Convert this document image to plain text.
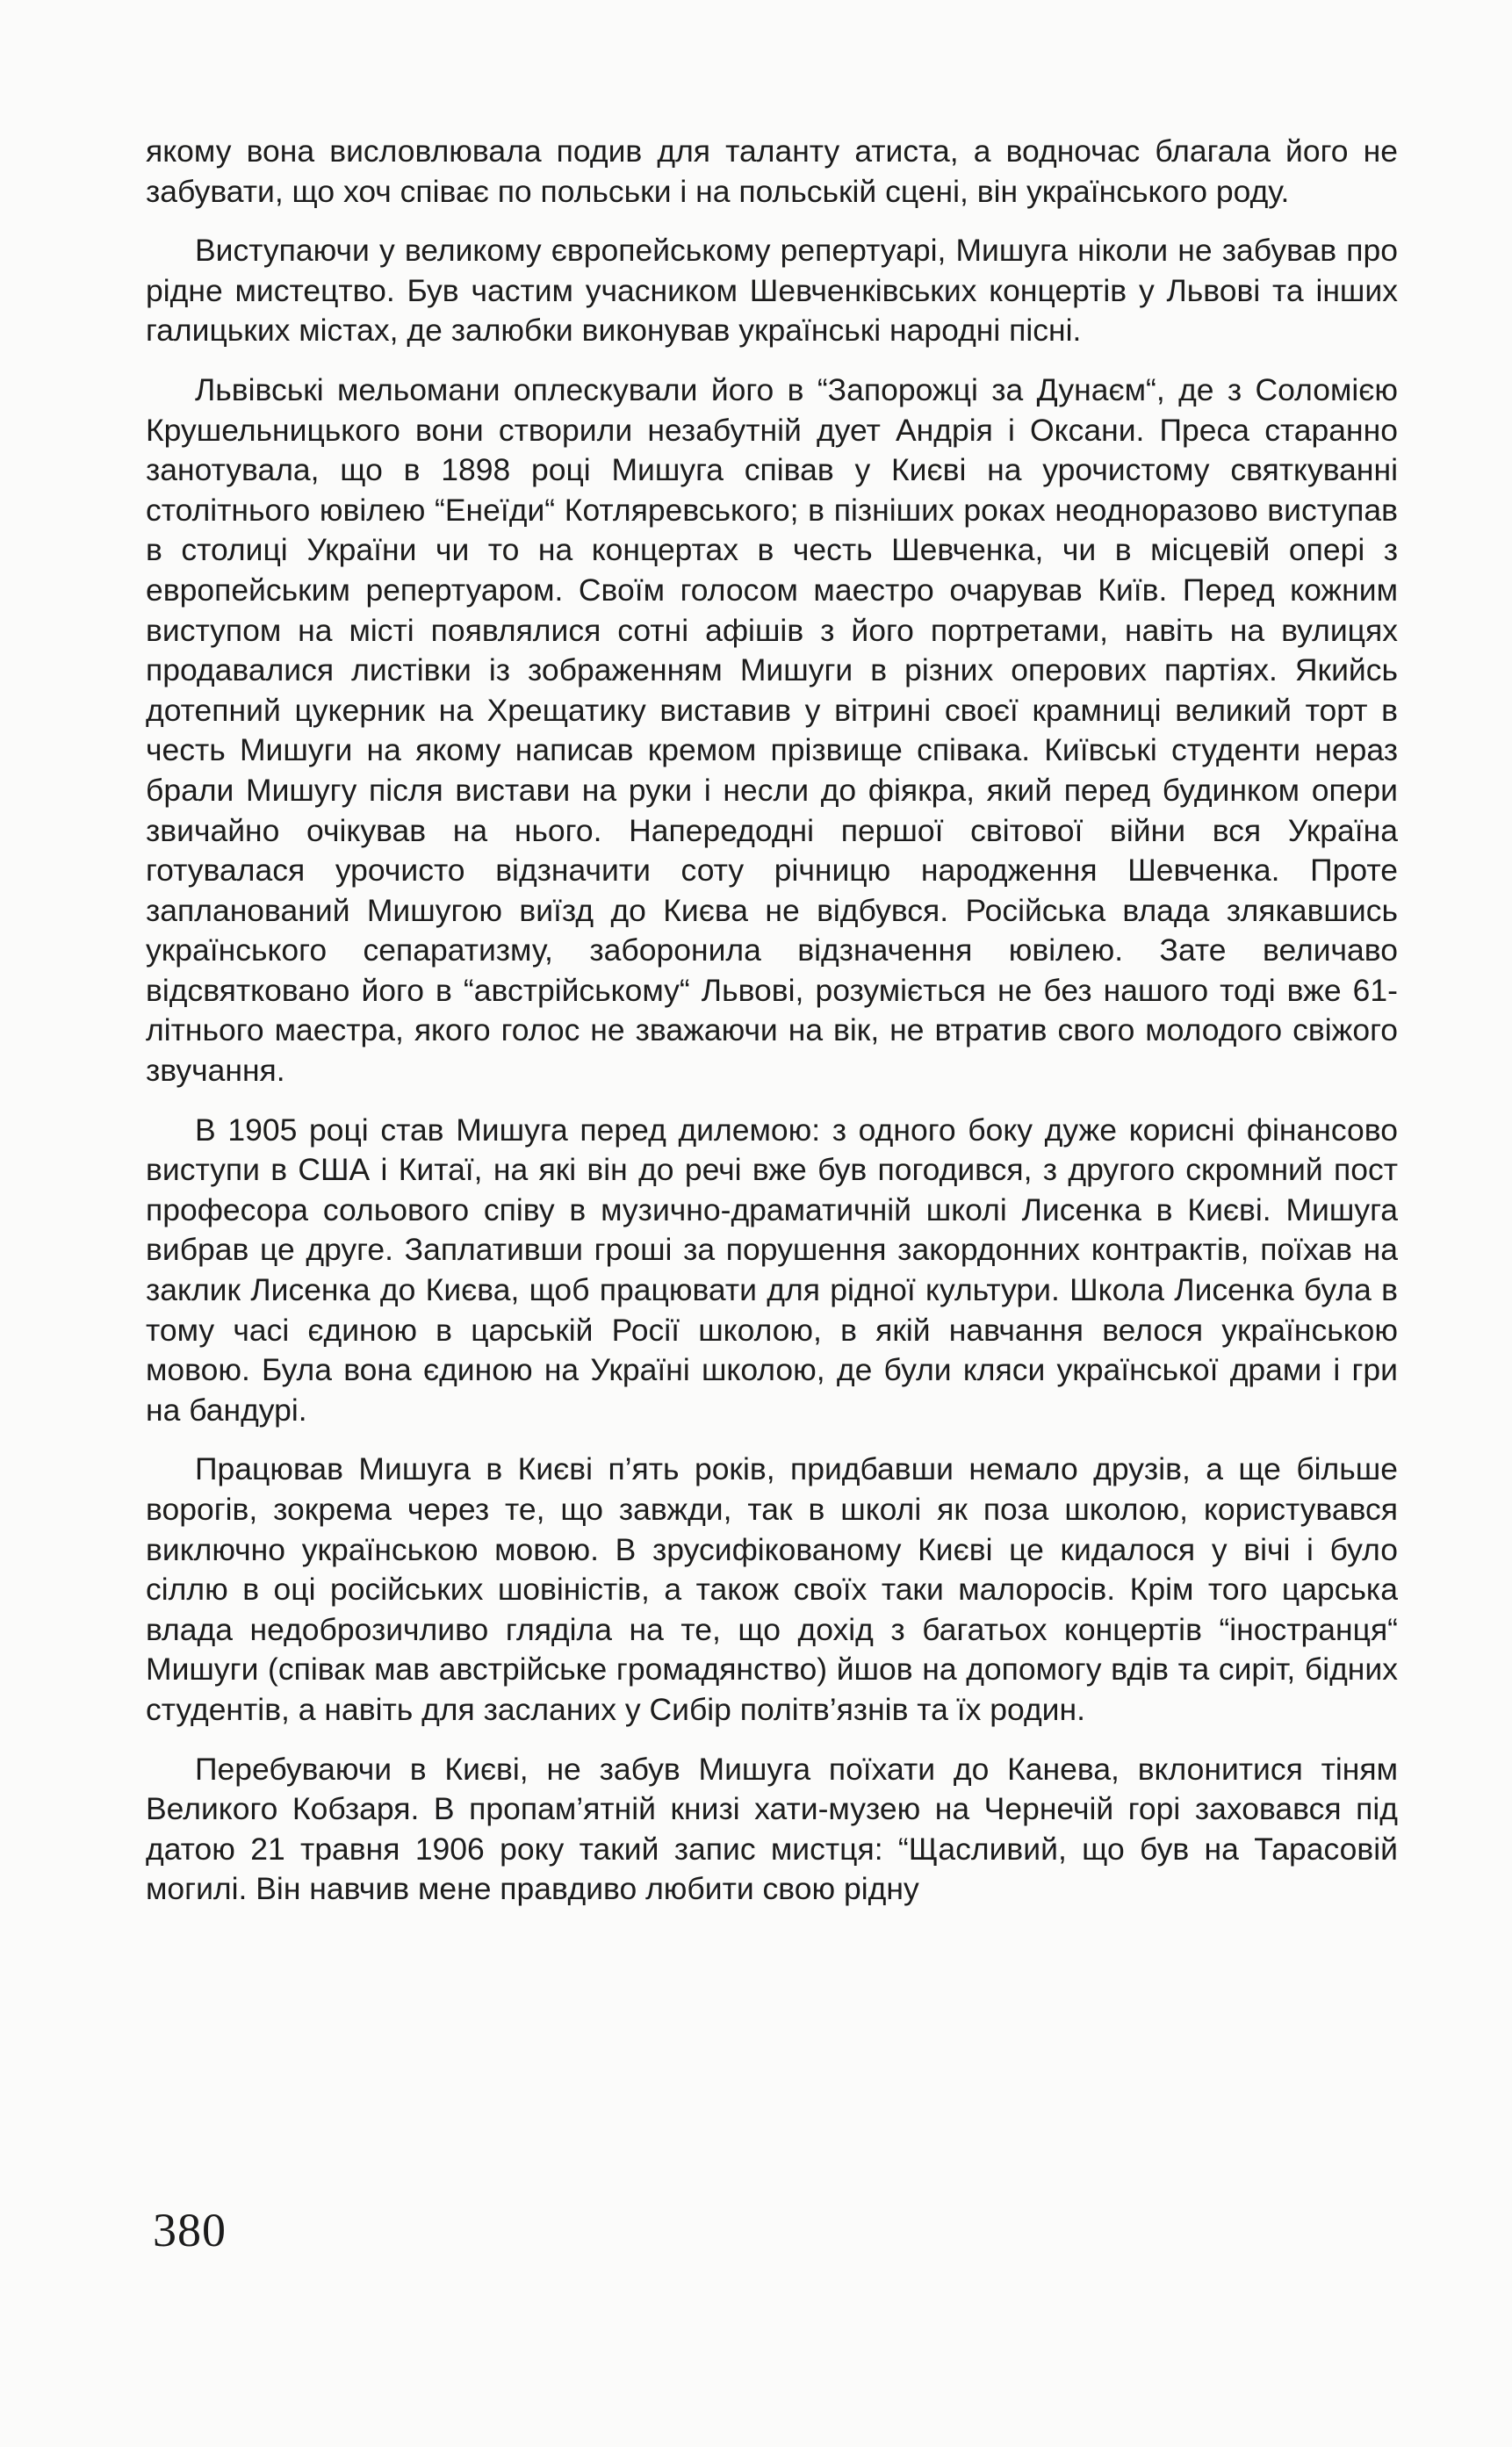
якому вона висловлювала подив для таланту атиста, а водночас благала його не забувати, що хоч співає по польськи і на польській сцені, він українського роду.

Виступаючи у великому європейському репертуарі, Мишуга ніколи не забував про рідне мистецтво. Був частим учасником Шевченківських концертів у Львові та інших галицьких містах, де залюбки виконував українські народні пісні.

Львівські мельомани оплескували його в “Запорожці за Дунаєм“, де з Соломією Крушельницького вони створили незабутній дует Андрія і Оксани. Преса старанно занотувала, що в 1898 році Мишуга співав у Києві на урочистому святкуванні столітнього ювілею “Енеїди“ Котляревського; в пізніших роках неодноразово виступав в столиці України чи то на концертах в честь Шевченка, чи в місцевій опері з европейським репертуаром. Своїм голосом маестро очарував Київ. Перед кожним виступом на місті появлялися сотні афішів з його портретами, навіть на вулицях продавалися листівки із зображенням Мишуги в різних оперових партіях. Якийсь дотепний цукерник на Хрещатику виставив у вітрині своєї крамниці великий торт в честь Мишуги на якому написав кремом прізвище співака. Київські студенти нераз брали Мишугу після вистави на руки і несли до фіякра, який перед будинком опери звичайно очікував на нього. Напередодні першої світової війни вся Україна готувалася урочисто відзначити соту річницю народження Шевченка. Проте запланований Мишугою виїзд до Києва не відбувся. Російська влада злякавшись українського сепаратизму, заборонила відзначення ювілею. Зате величаво відсвятковано його в “австрійському“ Львові, розуміється не без нашого тоді вже 61-літнього маестра, якого голос не зважаючи на вік, не втратив свого молодого свіжого звучання.

В 1905 році став Мишуга перед дилемою: з одного боку дуже корисні фінансово виступи в США і Китаї, на які він до речі вже був погодився, з другого скромний пост професора сольового співу в музично-драматичній школі Лисенка в Києві. Мишуга вибрав це друге. Заплативши гроші за порушення закордонних контрактів, поїхав на заклик Лисенка до Києва, щоб працювати для рідної культури. Школа Лисенка була в тому часі єдиною в царській Росії школою, в якій навчання велося українською мовою. Була вона єдиною на Україні школою, де були кляси української драми і гри на бандурі.

Працював Мишуга в Києві п’ять років, придбавши немало друзів, а ще більше ворогів, зокрема через те, що завжди, так в школі як поза школою, користувався виключно українською мовою. В зрусифікованому Києві це кидалося у вічі і було сіллю в оці російських шовіністів, а також своїх таки малоросів. Крім того царська влада недоброзичливо гляділа на те, що дохід з багатьох концертів “іностранця“ Мишуги (співак мав австрійське громадянство) йшов на допомогу вдів та сиріт, бідних студентів, а навіть для засланих у Сибір політв’язнів та їх родин.

Перебуваючи в Києві, не забув Мишуга поїхати до Канева, вклонитися тіням Великого Кобзаря. В пропам’ятній книзі хати-музею на Чернечій горі заховався під датою 21 травня 1906 року такий запис мистця: “Щасливий, що був на Тарасовій могилі. Він навчив мене правдиво любити свою рідну

380
